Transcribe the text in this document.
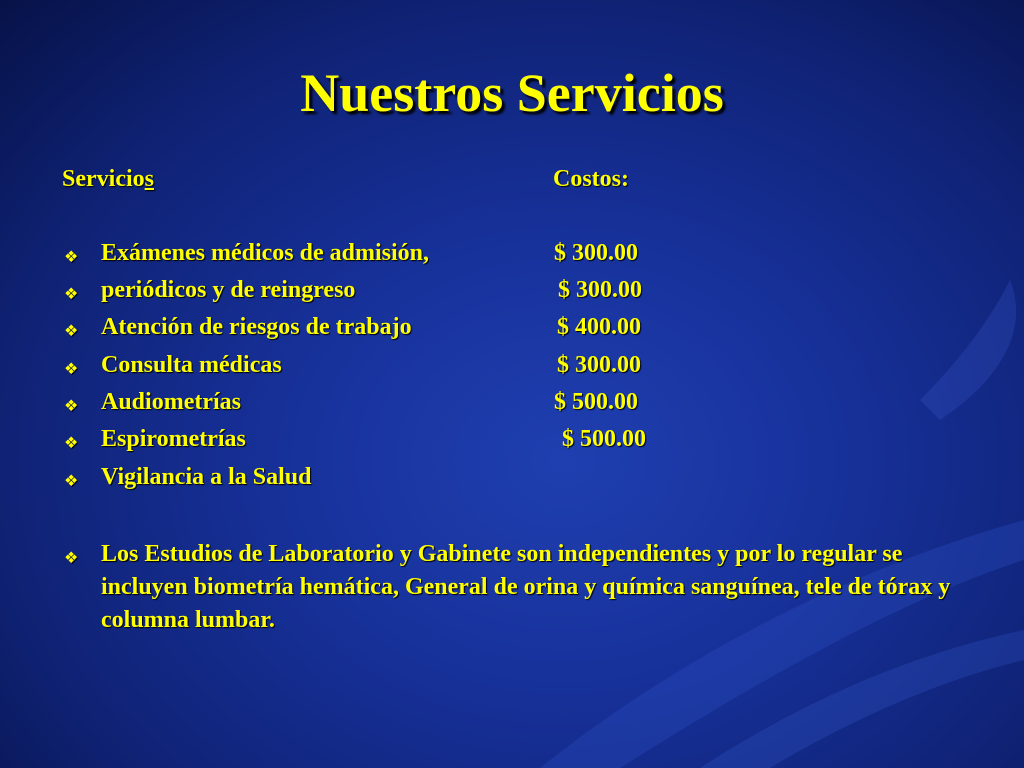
Nuestros Servicios
Servicios	Costos:
❖ Exámenes médicos de admisión,	$ 300.00
❖ periódicos y de reingreso	$ 300.00
❖ Atención de riesgos de trabajo	$ 400.00
❖ Consulta médicas	$ 300.00
❖ Audiometrías	$ 500.00
❖ Espirometrías	$ 500.00
❖ Vigilancia a la Salud
❖ Los Estudios de Laboratorio y Gabinete son independientes y por lo regular se incluyen biometría hemática, General de orina y química sanguínea, tele de tórax y columna lumbar.
